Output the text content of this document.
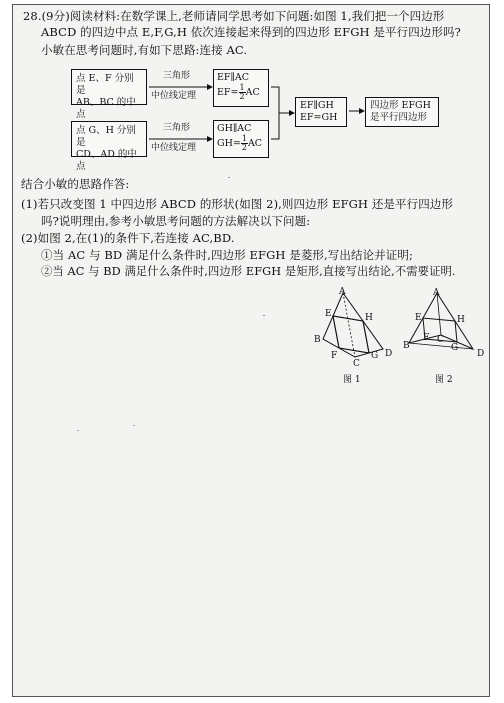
28.(9分)阅读材料:在数学课上,老师请同学思考如下问题:如图 1,我们把一个四边形
ABCD 的四边中点 E,F,G,H 依次连接起来得到的四边形 EFGH 是平行四边形吗?
小敏在思考问题时,有如下思路:连接 AC.
点 E、F 分别是
AB、BC 的中点
点 G、H 分别是
CD、AD 的中点
三角形
中位线定理
三角形
中位线定理
EF∥AC
$EF= \frac{1}{2}$ AC
GH∥AC
$GH= \frac{1}{2}$ AC
EF∥GH
EF=GH
四边形 EFGH
是平行四边形
结合小敏的思路作答:
(1)若只改变图 1 中四边形 ABCD 的形状(如图 2),则四边形 EFGH 还是平行四边形
吗?说明理由,参考小敏思考问题的方法解决以下问题:
(2)如图 2,在(1)的条件下,若连接 AC,BD.
①当 AC 与 BD 满足什么条件时,四边形 EFGH 是菱形,写出结论并证明;
②当 AC 与 BD 满足什么条件时,四边形 EFGH 是矩形,直接写出结论,不需要证明.
A
B
C
D
E
F	G
H
图 1
A
B
C
D
E
F
G
H
图 2
